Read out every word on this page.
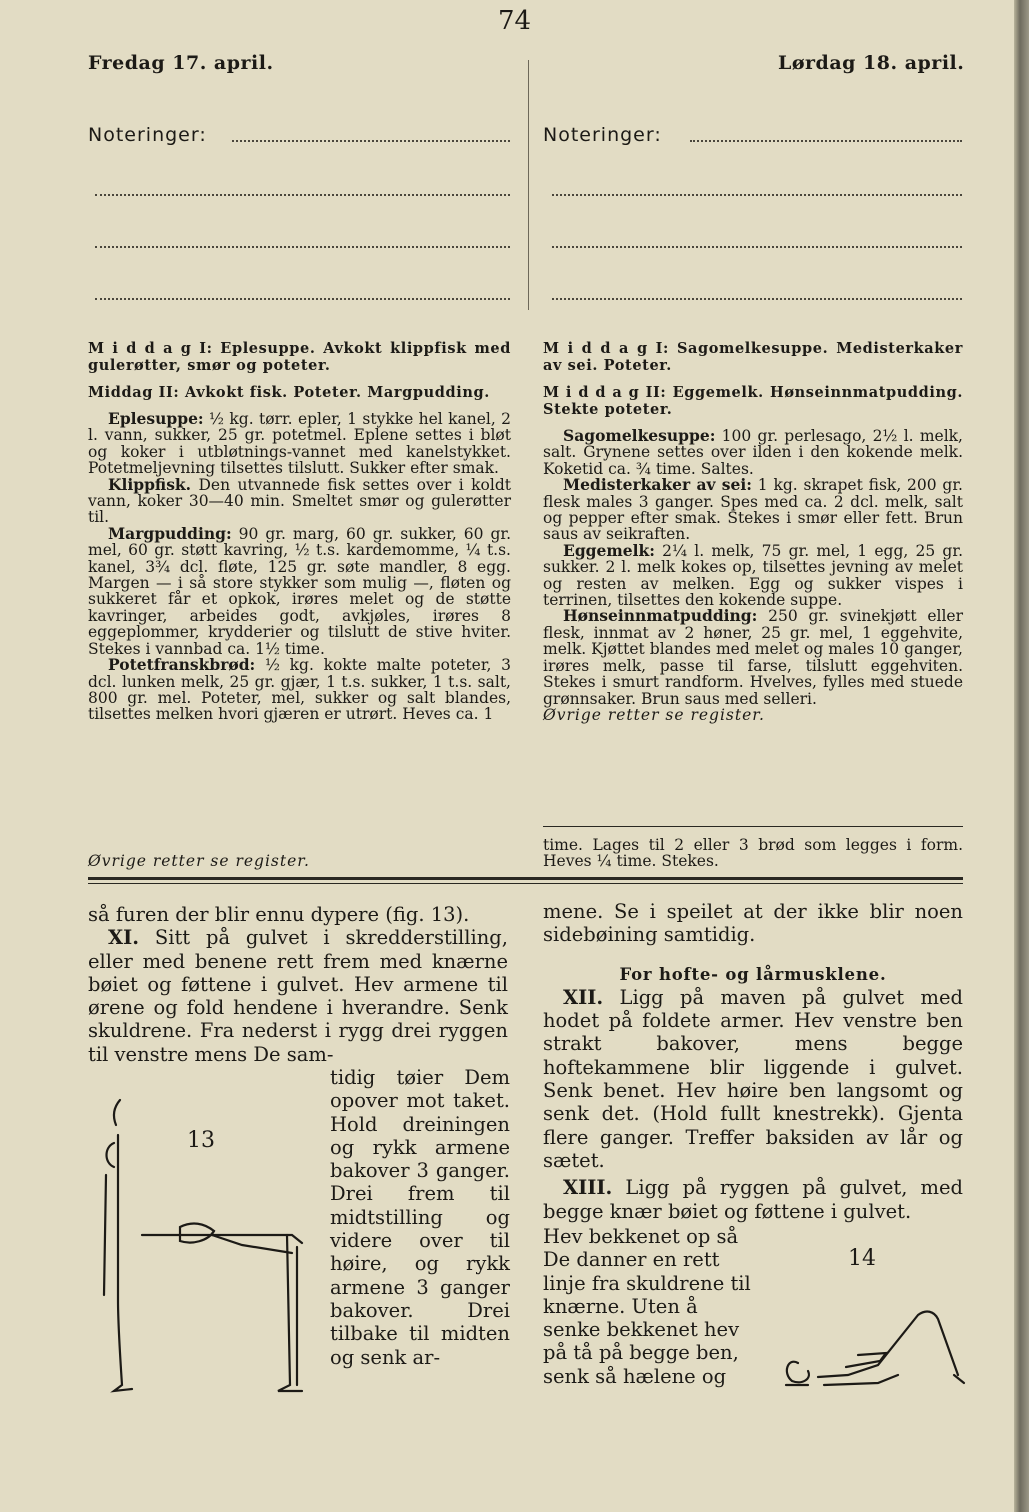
74
Fredag 17. april.	Lørdag 18. april.
Noteringer:	Noteringer:

M i d d a g I: Eplesuppe. Avkokt klippfisk med gulerøtter, smør og poteter.

Middag II: Avkokt fisk. Poteter. Margpudding.

Eplesuppe: ½ kg. tørr. epler, 1 stykke hel kanel, 2 l. vann, sukker, 25 gr. potetmel. Eplene settes i bløt og koker i utbløtnings-vannet med kanelstykket. Potetmeljevning tilsettes tilslutt. Sukker efter smak.

Klippfisk. Den utvannede fisk settes over i koldt vann, koker 30—40 min. Smeltet smør og gulerøtter til.

Margpudding: 90 gr. marg, 60 gr. sukker, 60 gr. mel, 60 gr. støtt kavring, ½ t.s. kardemomme, ¼ t.s. kanel, 3¾ dcl. fløte, 125 gr. søte mandler, 8 egg. Margen — i så store stykker som mulig —, fløten og sukkeret får et opkok, irøres melet og de støtte kavringer, arbeides godt, avkjøles, irøres 8 eggeplommer, krydderier og tilslutt de stive hviter. Stekes i vannbad ca. 1½ time.

Potetfranskbrød: ½ kg. kokte malte poteter, 3 dcl. lunken melk, 25 gr. gjær, 1 t.s. sukker, 1 t.s. salt, 800 gr. mel. Poteter, mel, sukker og salt blandes, tilsettes melken hvori gjæren er utrørt. Heves ca. 1

Øvrige retter se register.

M i d d a g I: Sagomelkesuppe. Medisterkaker av sei. Poteter.

M i d d a g II: Eggemelk. Hønseinnmatpudding. Stekte poteter.

Sagomelkesuppe: 100 gr. perlesago, 2½ l. melk, salt. Grynene settes over ilden i den kokende melk. Koketid ca. ¾ time. Saltes.

Medisterkaker av sei: 1 kg. skrapet fisk, 200 gr. flesk males 3 ganger. Spes med ca. 2 dcl. melk, salt og pepper efter smak. Stekes i smør eller fett. Brun saus av seikraften.

Eggemelk: 2¼ l. melk, 75 gr. mel, 1 egg, 25 gr. sukker. 2 l. melk kokes op, tilsettes jevning av melet og resten av melken. Egg og sukker vispes i terrinen, tilsettes den kokende suppe.

Hønseinnmatpudding: 250 gr. svinekjøtt eller flesk, innmat av 2 høner, 25 gr. mel, 1 eggehvite, melk. Kjøttet blandes med melet og males 10 ganger, irøres melk, passe til farse, tilslutt eggehviten. Stekes i smurt randform. Hvelves, fylles med stuede grønnsaker. Brun saus med selleri.

Øvrige retter se register.

time. Lages til 2 eller 3 brød som legges i form. Heves ¼ time. Stekes.

så furen der blir ennu dypere (fig. 13).

XI. Sitt på gulvet i skredderstilling, eller med benene rett frem med knærne bøiet og føttene i gulvet. Hev armene til ørene og fold hendene i hverandre. Senk skuldrene. Fra nederst i rygg drei ryggen til venstre mens De sam-

tidig tøier Dem opover mot taket. Hold dreiningen og rykk armene bakover 3 ganger. Drei frem til midtstilling og videre over til høire, og rykk armene 3 ganger bakover. Drei tilbake til midten og senk ar-
13

mene. Se i speilet at der ikke blir noen sidebøining samtidig.

For hofte- og lårmusklene.

XII. Ligg på maven på gulvet med hodet på foldete armer. Hev venstre ben strakt bakover, mens begge hoftekammene blir liggende i gulvet. Senk benet. Hev høire ben langsomt og senk det. (Hold fullt knestrekk). Gjenta flere ganger. Treffer baksiden av lår og sætet.

XIII. Ligg på ryggen på gulvet, med begge knær bøiet og føttene i gulvet.

Hev bekkenet op så De danner en rett linje fra skuldrene til knærne. Uten å senke bekkenet hev på tå på begge ben, senk så hælene og
14
